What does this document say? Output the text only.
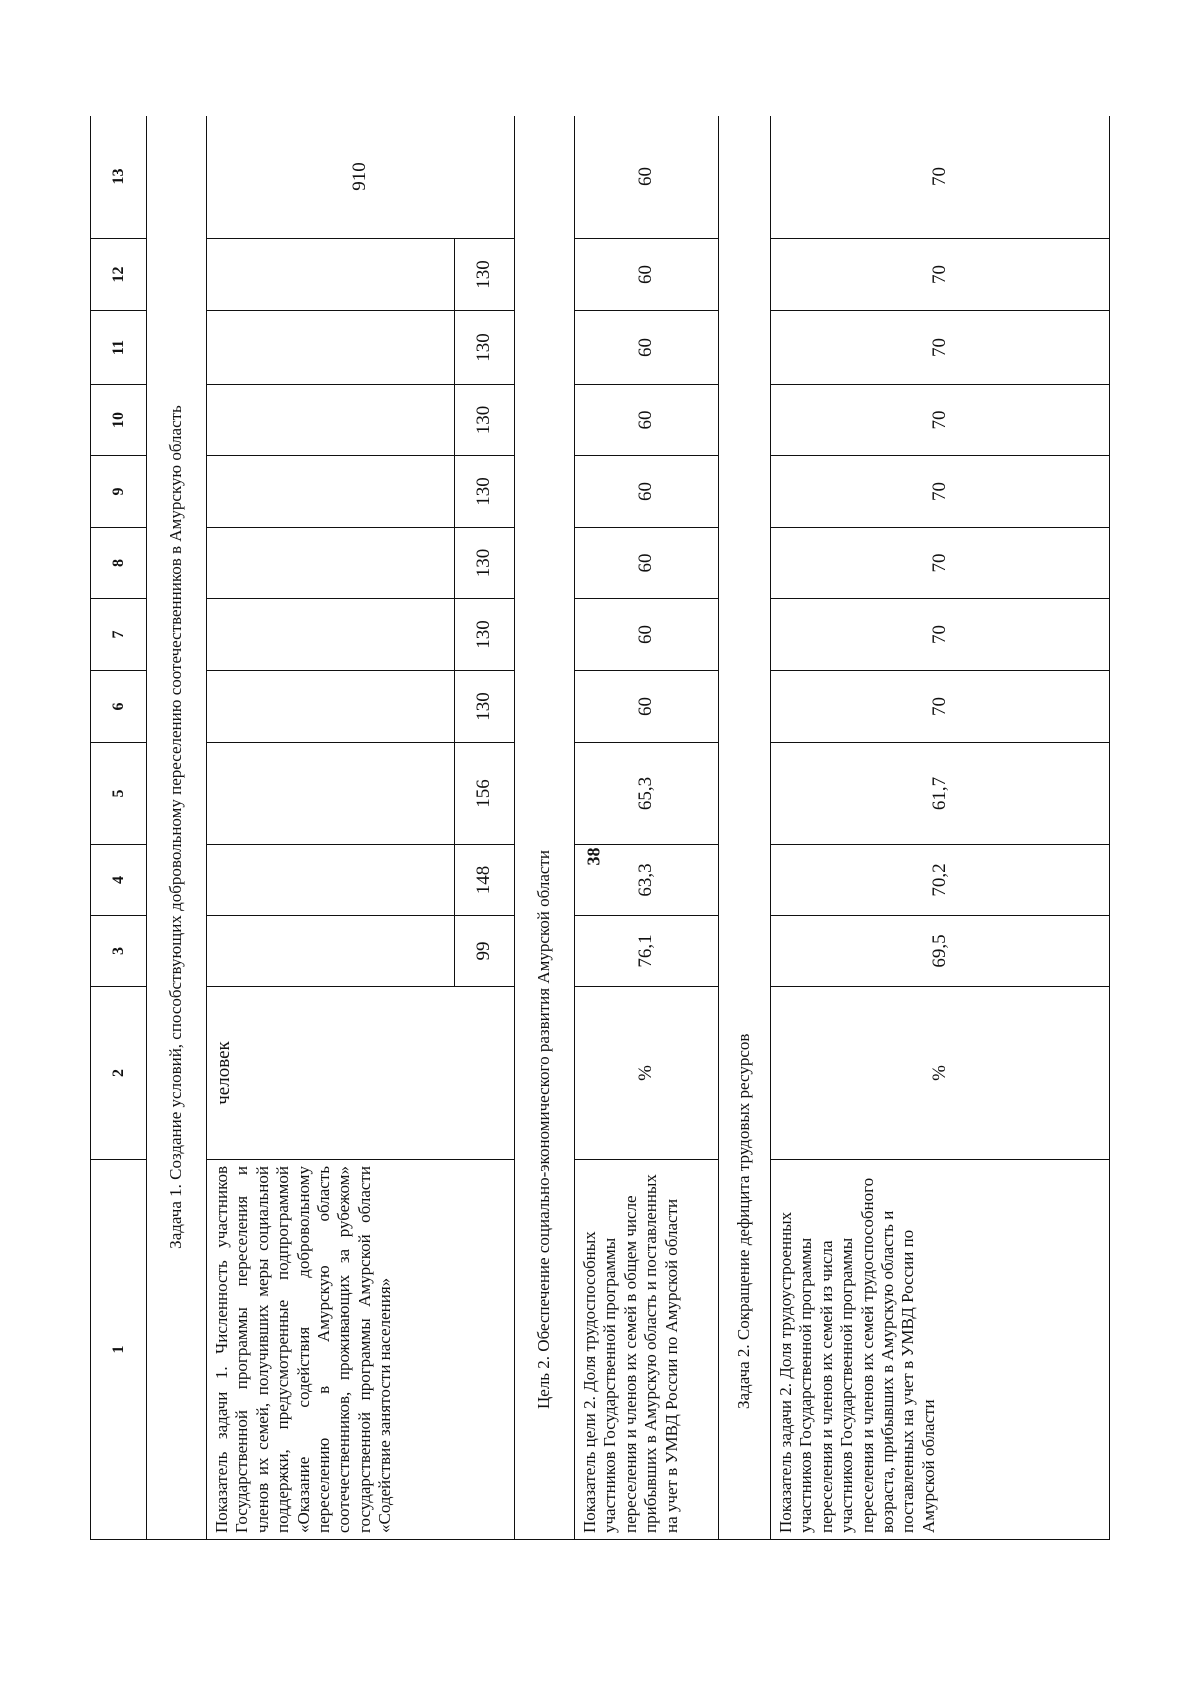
38
1	2	3	4	5	6	7	8	9	10	11	12	13
Задача 1. Создание условий, способствующих добровольному переселению соотечественников в Амурскую область												
Показатель задачи 1. Численность участников Государственной программы переселения и членов их семей, получивших меры социальной поддержки, предусмотренные подпрограммой «Оказание содействия добровольному переселению в Амурскую область соотечественников, проживающих за рубежом» государственной программы Амурской области «Содействие занятости населения»	человек											910
		99	148	156	130	130	130	130	130	130	130	
Цель 2. Обеспечение социально-экономического развития Амурской области												
Показатель цели 2. Доля трудоспособных участников Государственной программы переселения и членов их семей в общем числе прибывших в Амурскую область и поставленных на учет в УМВД России по Амурской области	%	76,1	63,3	65,3	60	60	60	60	60	60	60	60
Задача 2. Сокращение дефицита трудовых ресурсов												
Показатель задачи 2. Доля трудоустроенных участников Государственной программы переселения и членов их семей из числа участников Государственной программы переселения и членов их семей трудоспособного возраста, прибывших в Амурскую область и поставленных на учет в УМВД России по Амурской области	%	69,5	70,2	61,7	70	70	70	70	70	70	70	70
